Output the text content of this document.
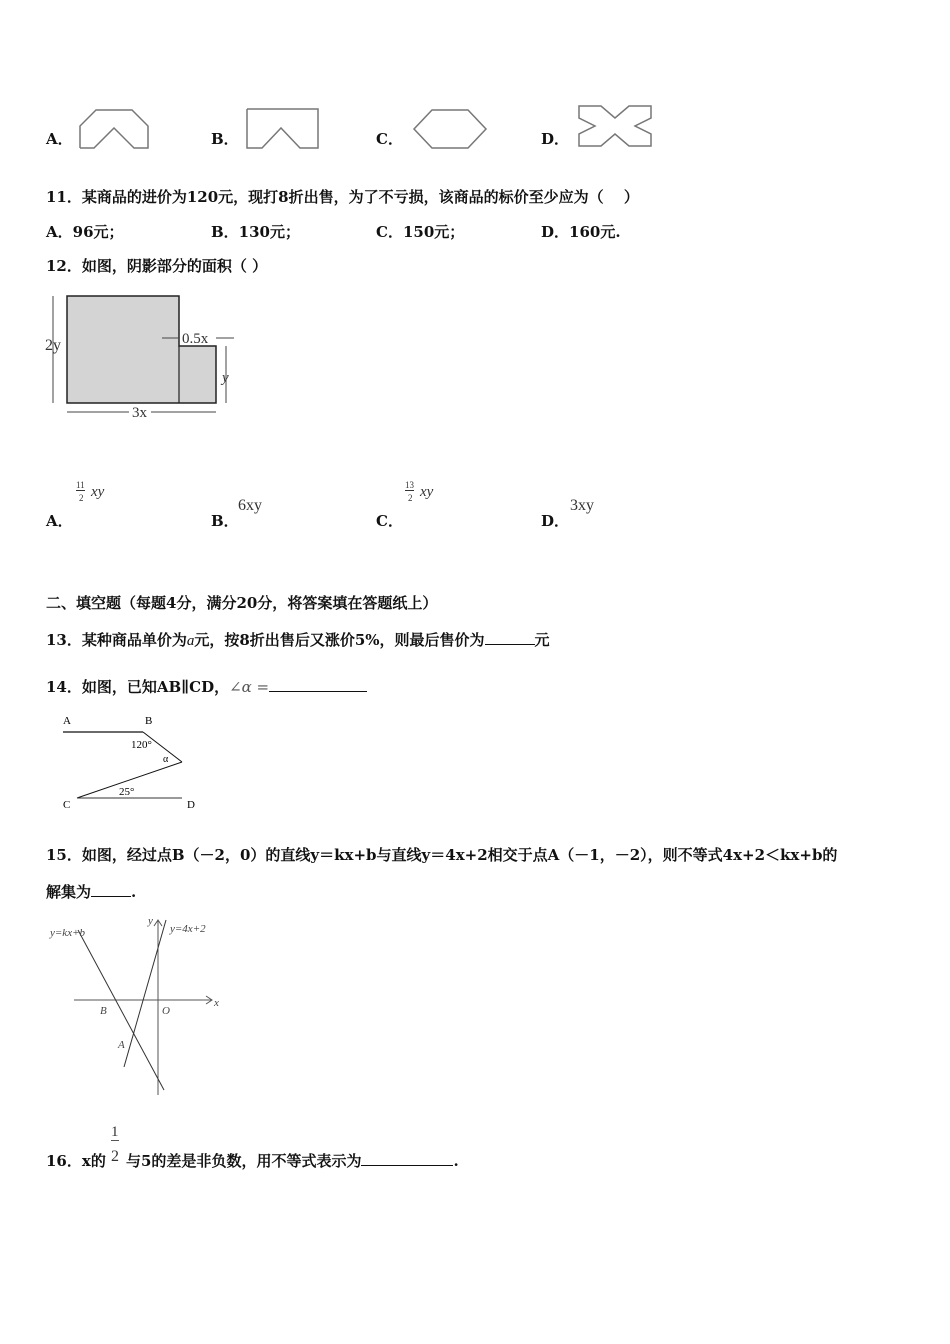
A．	B．	C．	D．
11．某商品的进价为120元，现打8折出售，为了不亏损，该商品的标价至少应为（　 ）
A．96元；	B．130元；	C．150元；	D．160元.
12．如图，阴影部分的面积（ ）
2y	0.5x
y
3x
A．
11
2 xy
B．
6xy
C．
13
2 xy
D．
3xy
二、填空题（每题4分，满分20分，将答案填在答题纸上）
13．某种商品单价为a元，按8折出售后又涨价5%，则最后售价为	元
14．如图，已知AB∥CD，∠α =
A	B
C	D
120°
α
25°
15．如图，经过点B（－2，0）的直线y＝kx+b与直线y＝4x+2相交于点A（－1，－2），则不等式4x+2＜kx+b的
解集为	.
y=kx+b	y=4x+2
y
x
O
B
A
16．x的
1
2 与5的差是非负数，用不等式表示为	.
